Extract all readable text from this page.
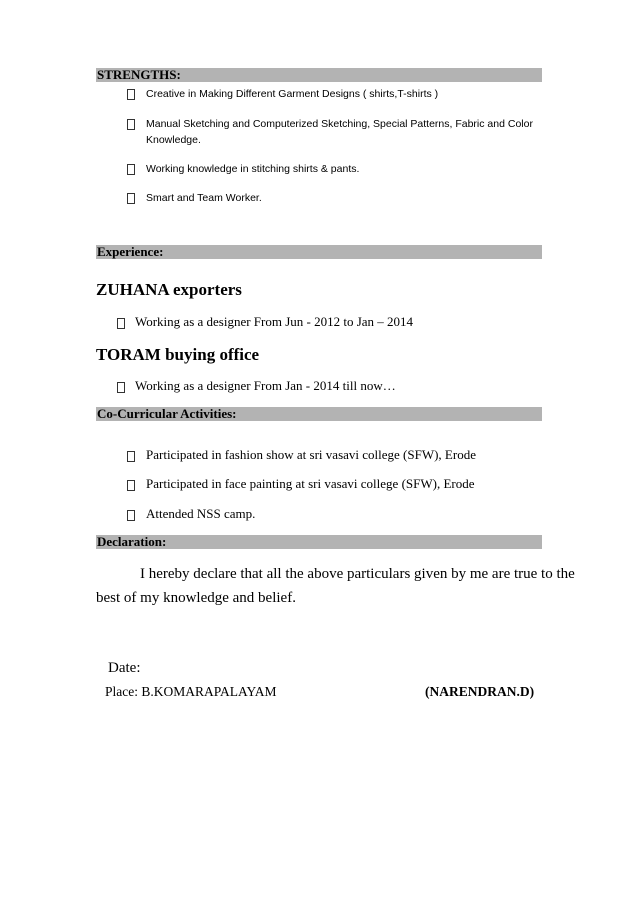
STRENGTHS:
Creative in Making Different Garment Designs ( shirts,T-shirts )
Manual Sketching and Computerized Sketching, Special Patterns, Fabric and Color
Knowledge.
Working knowledge in stitching shirts & pants.
Smart and Team Worker.
Experience:
ZUHANA exporters
Working as a designer From Jun - 2012 to Jan – 2014
TORAM buying office
Working as a designer From Jan - 2014 till now…
Co-Curricular Activities:
Participated in fashion show at sri vasavi college (SFW), Erode
Participated in face painting at sri vasavi college (SFW), Erode
Attended NSS camp.
Declaration:
I hereby declare that all the above particulars given by me are true to the
best of my knowledge and belief.
Date:
Place: B.KOMARAPALAYAM	(NARENDRAN.D)
